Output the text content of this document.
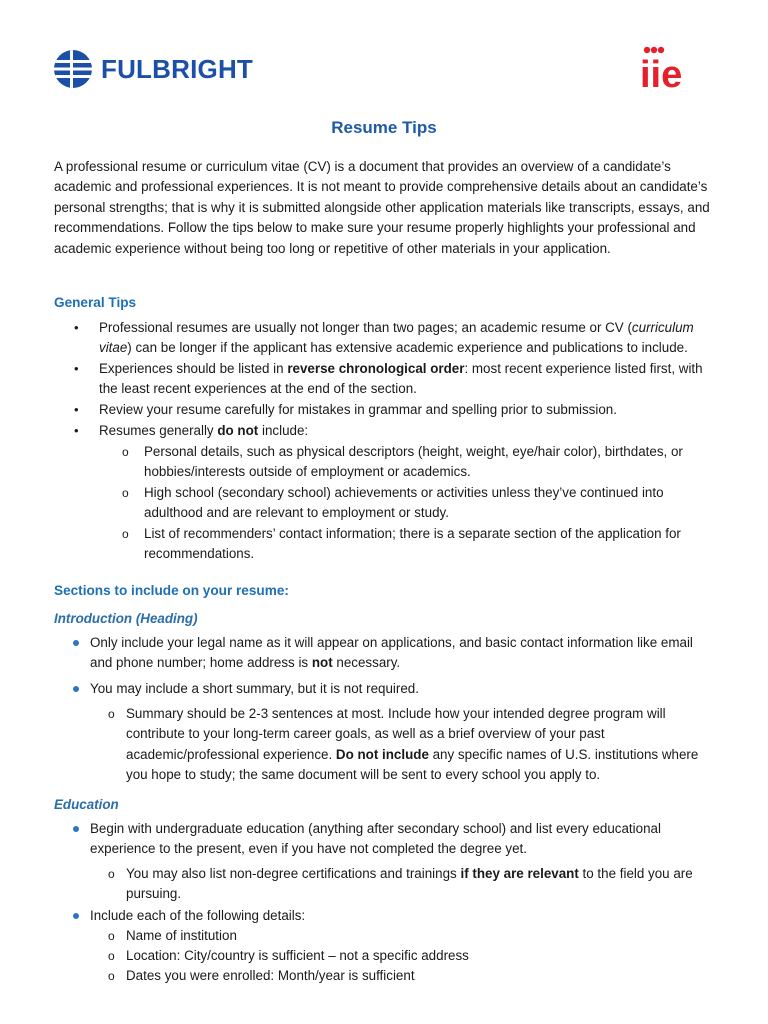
FULBRIGHT	iie
Resume Tips
A professional resume or curriculum vitae (CV) is a document that provides an overview of a candidate’s academic and professional experiences. It is not meant to provide comprehensive details about an candidate’s personal strengths; that is why it is submitted alongside other application materials like transcripts, essays, and recommendations. Follow the tips below to make sure your resume properly highlights your professional and academic experience without being too long or repetitive of other materials in your application.
General Tips
• Professional resumes are usually not longer than two pages; an academic resume or CV (curriculum vitae) can be longer if the applicant has extensive academic experience and publications to include.
• Experiences should be listed in reverse chronological order: most recent experience listed first, with the least recent experiences at the end of the section.
• Review your resume carefully for mistakes in grammar and spelling prior to submission.
• Resumes generally do not include:
o Personal details, such as physical descriptors (height, weight, eye/hair color), birthdates, or hobbies/interests outside of employment or academics.
o High school (secondary school) achievements or activities unless they’ve continued into adulthood and are relevant to employment or study.
o List of recommenders’ contact information; there is a separate section of the application for recommendations.
Sections to include on your resume:
Introduction (Heading)
Only include your legal name as it will appear on applications, and basic contact information like email and phone number; home address is not necessary.
You may include a short summary, but it is not required.
o Summary should be 2-3 sentences at most. Include how your intended degree program will contribute to your long-term career goals, as well as a brief overview of your past academic/professional experience. Do not include any specific names of U.S. institutions where you hope to study; the same document will be sent to every school you apply to.
Education
Begin with undergraduate education (anything after secondary school) and list every educational experience to the present, even if you have not completed the degree yet.
o You may also list non-degree certifications and trainings if they are relevant to the field you are pursuing.
Include each of the following details:
o Name of institution
o Location: City/country is sufficient – not a specific address
o Dates you were enrolled: Month/year is sufficient
